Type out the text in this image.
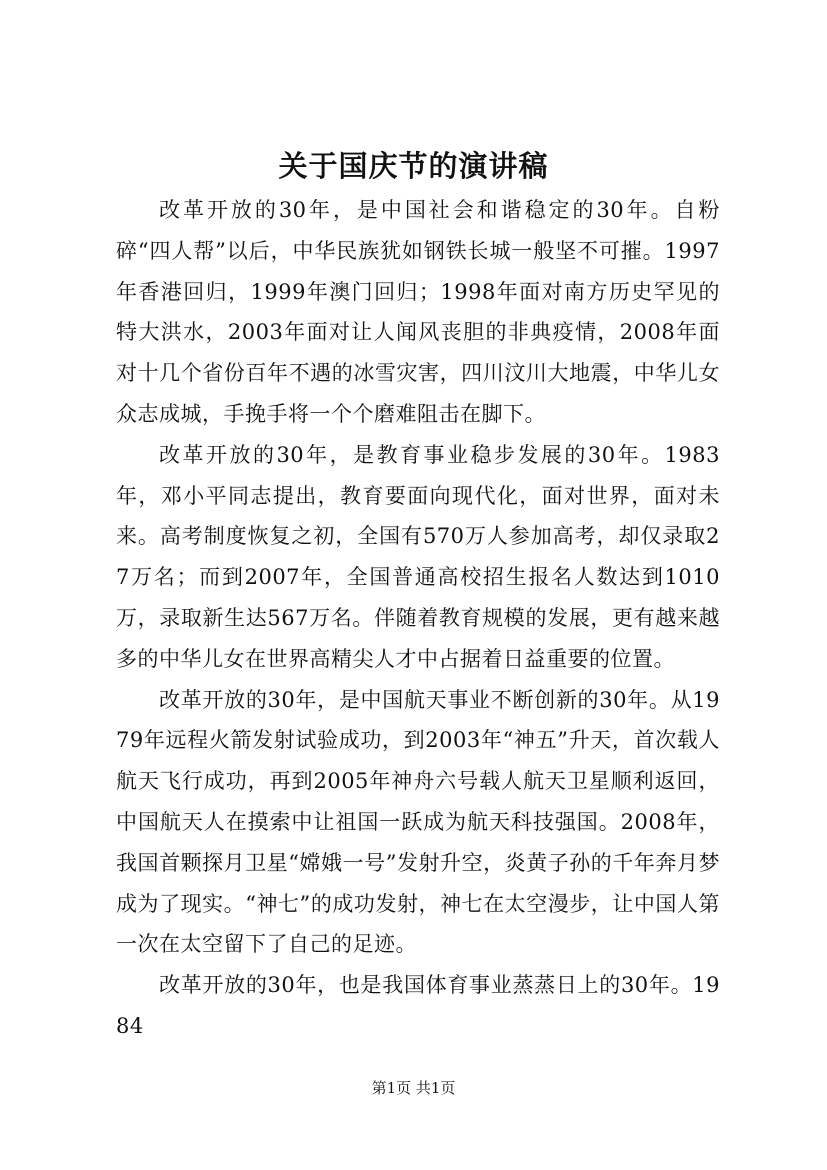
关于国庆节的演讲稿

改革开放的30年，是中国社会和谐稳定的30年。自粉碎“四人帮”以后，中华民族犹如钢铁长城一般坚不可摧。1997年香港回归，1999年澳门回归；1998年面对南方历史罕见的特大洪水，2003年面对让人闻风丧胆的非典疫情，2008年面对十几个省份百年不遇的冰雪灾害，四川汶川大地震，中华儿女众志成城，手挽手将一个个磨难阻击在脚下。

改革开放的30年，是教育事业稳步发展的30年。1983年，邓小平同志提出，教育要面向现代化，面对世界，面对未来。高考制度恢复之初，全国有570万人参加高考，却仅录取27万名；而到2007年，全国普通高校招生报名人数达到1010万，录取新生达567万名。伴随着教育规模的发展，更有越来越多的中华儿女在世界高精尖人才中占据着日益重要的位置。

改革开放的30年，是中国航天事业不断创新的30年。从1979年远程火箭发射试验成功，到2003年“神五”升天，首次载人航天飞行成功，再到2005年神舟六号载人航天卫星顺利返回，中国航天人在摸索中让祖国一跃成为航天科技强国。2008年，我国首颗探月卫星“嫦娥一号”发射升空，炎黄子孙的千年奔月梦成为了现实。“神七”的成功发射，神七在太空漫步，让中国人第一次在太空留下了自己的足迹。

改革开放的30年，也是我国体育事业蒸蒸日上的30年。1984

第1页 共1页
